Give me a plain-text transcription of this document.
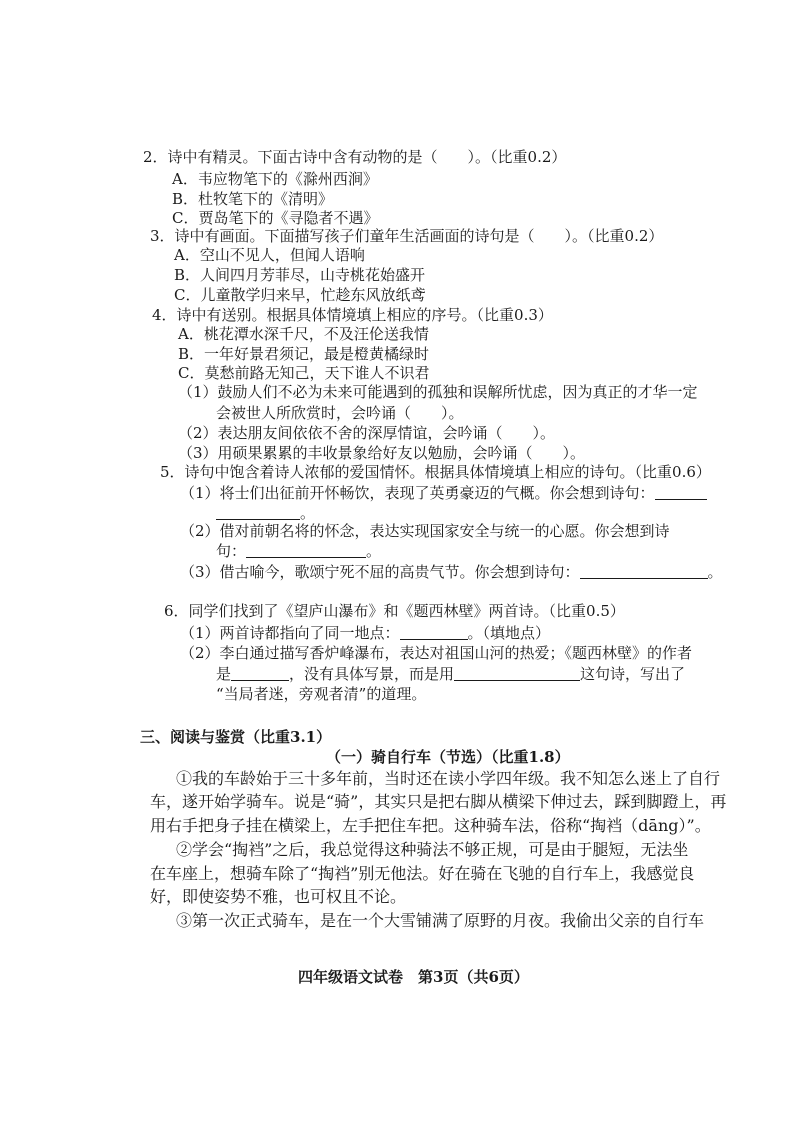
2．诗中有精灵。下面古诗中含有动物的是（　　）。（比重0.2）
A．韦应物笔下的《滁州西涧》
B．杜牧笔下的《清明》
C．贾岛笔下的《寻隐者不遇》
3．诗中有画面。下面描写孩子们童年生活画面的诗句是（　　）。（比重0.2）
A．空山不见人，但闻人语响
B．人间四月芳菲尽，山寺桃花始盛开
C．儿童散学归来早，忙趁东风放纸鸢
4．诗中有送别。根据具体情境填上相应的序号。（比重0.3）
A．桃花潭水深千尺，不及汪伦送我情
B．一年好景君须记，最是橙黄橘绿时
C．莫愁前路无知己，天下谁人不识君
（1）鼓励人们不必为未来可能遇到的孤独和误解所忧虑，因为真正的才华一定
会被世人所欣赏时，会吟诵（　　）。
（2）表达朋友间依依不舍的深厚情谊，会吟诵（　　）。
（3）用硕果累累的丰收景象给好友以勉励，会吟诵（　　）。
5．诗句中饱含着诗人浓郁的爱国情怀。根据具体情境填上相应的诗句。（比重0.6）
（1）将士们出征前开怀畅饮，表现了英勇豪迈的气概。你会想到诗句：
。
（2）借对前朝名将的怀念，表达实现国家安全与统一的心愿。你会想到诗
句：	。
（3）借古喻今，歌颂宁死不屈的高贵气节。你会想到诗句：	。
6．同学们找到了《望庐山瀑布》和《题西林壁》两首诗。（比重0.5）
（1）两首诗都指向了同一地点：	。（填地点）
（2）李白通过描写香炉峰瀑布，表达对祖国山河的热爱；《题西林壁》的作者
是	，没有具体写景，而是用	这句诗，写出了
“当局者迷，旁观者清”的道理。
三、阅读与鉴赏（比重3.1）
（一）骑自行车（节选）（比重1.8）
①我的车龄始于三十多年前，当时还在读小学四年级。我不知怎么迷上了自行
车，遂开始学骑车。说是“骑”，其实只是把右脚从横梁下伸过去，踩到脚蹬上，再
用右手把身子挂在横梁上，左手把住车把。这种骑车法，俗称“掏裆（dāng）”。
②学会“掏裆”之后，我总觉得这种骑法不够正规，可是由于腿短，无法坐
在车座上，想骑车除了“掏裆”别无他法。好在骑在飞驰的自行车上，我感觉良
好，即使姿势不雅，也可权且不论。
③第一次正式骑车，是在一个大雪铺满了原野的月夜。我偷出父亲的自行车
四年级语文试卷　第3页（共6页）
